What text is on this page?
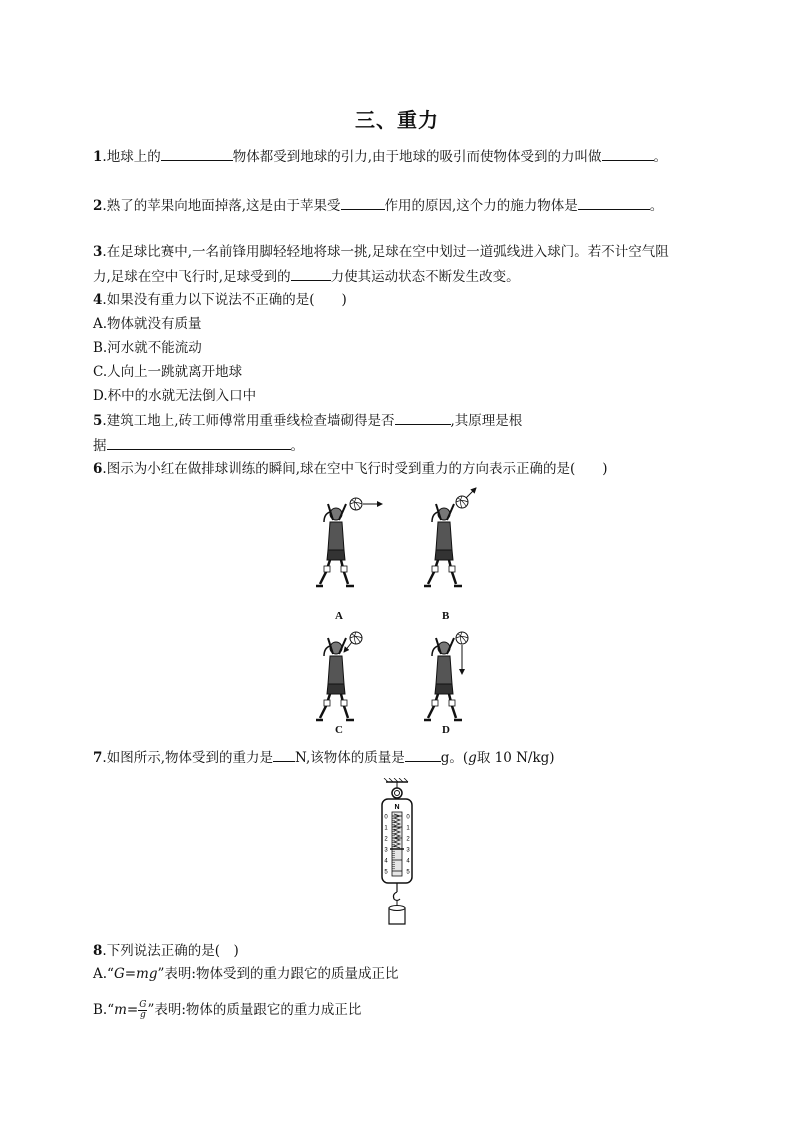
三、重力
1.地球上的	物体都受到地球的引力,由于地球的吸引而使物体受到的力叫做	。
2.熟了的苹果向地面掉落,这是由于苹果受	作用的原因,这个力的施力物体是	。
3.在足球比赛中,一名前锋用脚轻轻地将球一挑,足球在空中划过一道弧线进入球门。若不计空气阻
力,足球在空中飞行时,足球受到的	力使其运动状态不断发生改变。
4.如果没有重力以下说法不正确的是(　　)
A.物体就没有质量
B.河水就不能流动
C.人向上一跳就离开地球
D.杯中的水就无法倒入口中
5.建筑工地上,砖工师傅常用重垂线检查墙砌得是否	,其原理是根
据	。
6.图示为小红在做排球训练的瞬间,球在空中飞行时受到重力的方向表示正确的是(　　)
A	B
C	D
7.如图所示,物体受到的重力是 N,该物体的质量是	g。(g取 10 N/kg)
N
0	0
1	1
2	2
3	3
4	4
5	5
8.下列说法正确的是(　)
A.“G=mg”表明:物体受到的重力跟它的质量成正比
B.“m= $\frac{G}{g}$ ”表明:物体的质量跟它的重力成正比
